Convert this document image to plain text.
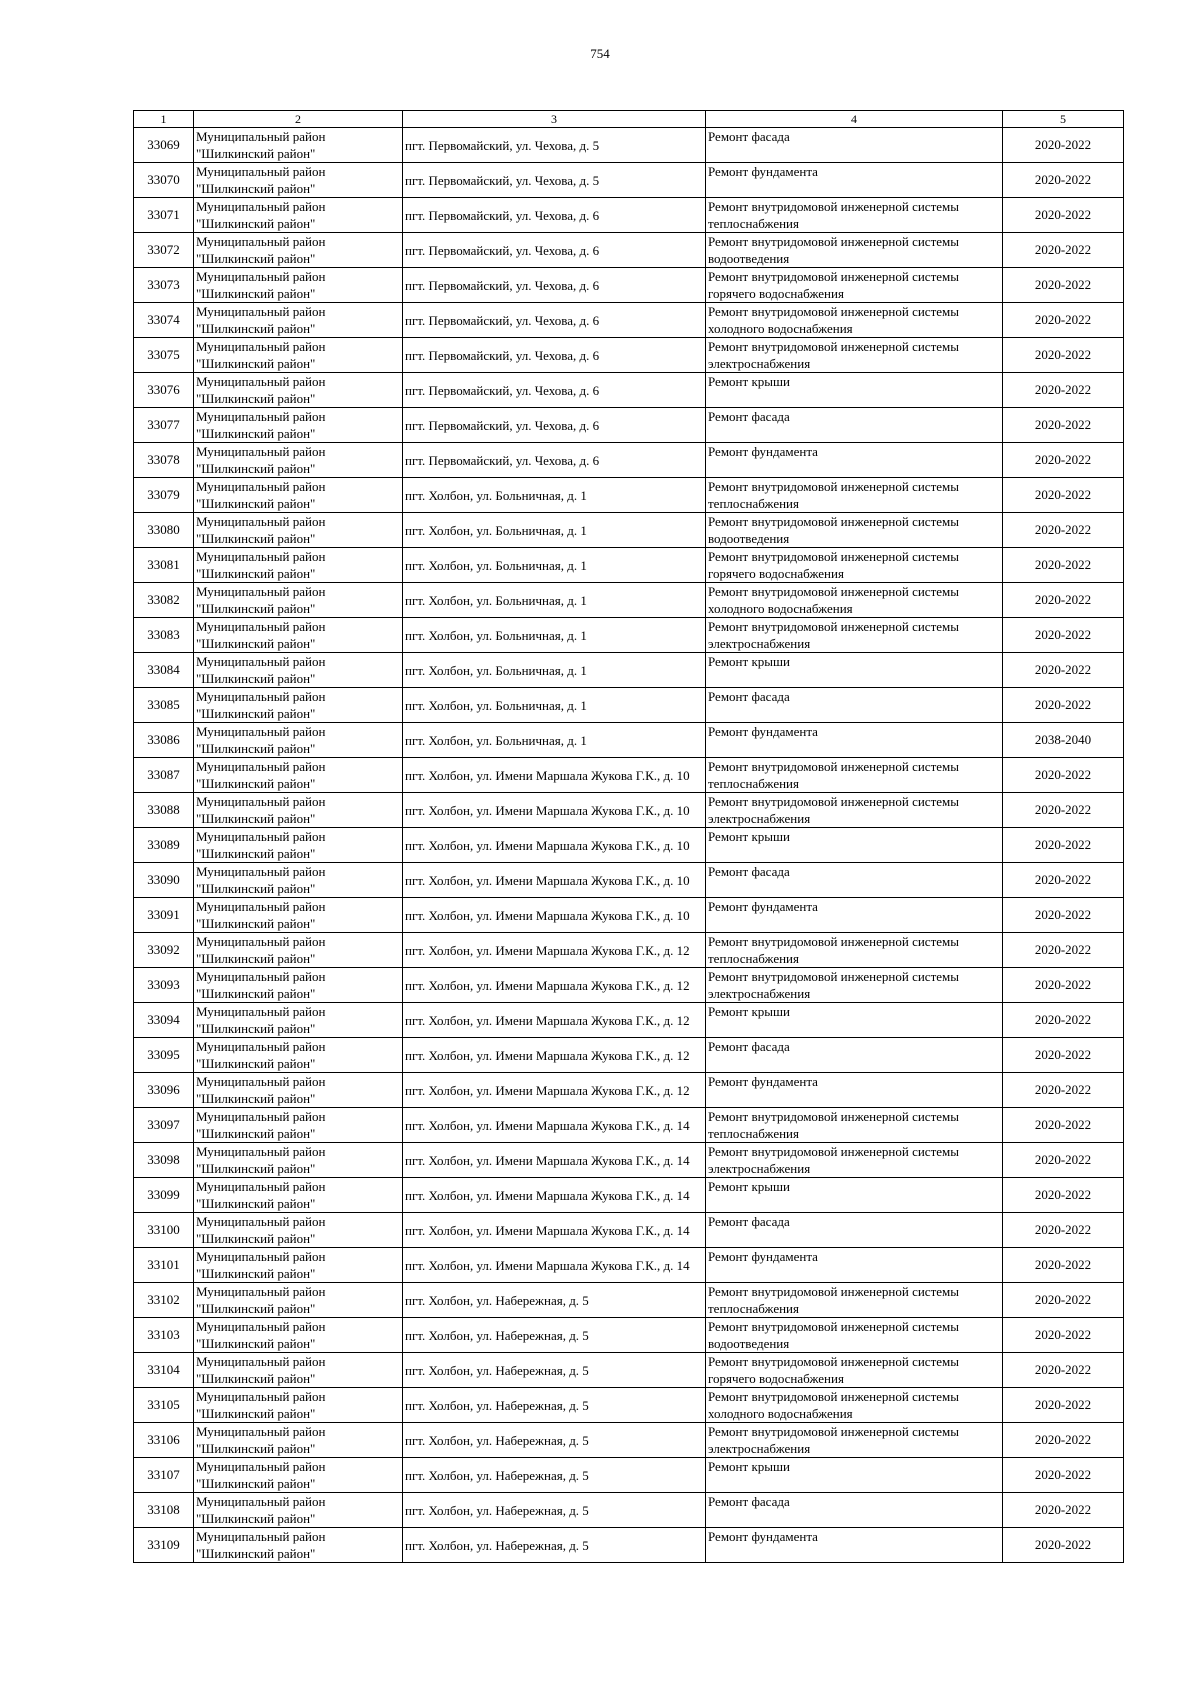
754
1	2	3	4	5
33069	Муниципальный район
"Шилкинский район"	пгт. Первомайский, ул. Чехова, д. 5	Ремонт фасада	2020-2022
33070	Муниципальный район
"Шилкинский район"	пгт. Первомайский, ул. Чехова, д. 5	Ремонт фундамента	2020-2022
33071	Муниципальный район
"Шилкинский район"	пгт. Первомайский, ул. Чехова, д. 6	Ремонт внутридомовой инженерной системы
теплоснабжения	2020-2022
33072	Муниципальный район
"Шилкинский район"	пгт. Первомайский, ул. Чехова, д. 6	Ремонт внутридомовой инженерной системы
водоотведения	2020-2022
33073	Муниципальный район
"Шилкинский район"	пгт. Первомайский, ул. Чехова, д. 6	Ремонт внутридомовой инженерной системы
горячего водоснабжения	2020-2022
33074	Муниципальный район
"Шилкинский район"	пгт. Первомайский, ул. Чехова, д. 6	Ремонт внутридомовой инженерной системы
холодного водоснабжения	2020-2022
33075	Муниципальный район
"Шилкинский район"	пгт. Первомайский, ул. Чехова, д. 6	Ремонт внутридомовой инженерной системы
электроснабжения	2020-2022
33076	Муниципальный район
"Шилкинский район"	пгт. Первомайский, ул. Чехова, д. 6	Ремонт крыши	2020-2022
33077	Муниципальный район
"Шилкинский район"	пгт. Первомайский, ул. Чехова, д. 6	Ремонт фасада	2020-2022
33078	Муниципальный район
"Шилкинский район"	пгт. Первомайский, ул. Чехова, д. 6	Ремонт фундамента	2020-2022
33079	Муниципальный район
"Шилкинский район"	пгт. Холбон, ул. Больничная, д. 1	Ремонт внутридомовой инженерной системы
теплоснабжения	2020-2022
33080	Муниципальный район
"Шилкинский район"	пгт. Холбон, ул. Больничная, д. 1	Ремонт внутридомовой инженерной системы
водоотведения	2020-2022
33081	Муниципальный район
"Шилкинский район"	пгт. Холбон, ул. Больничная, д. 1	Ремонт внутридомовой инженерной системы
горячего водоснабжения	2020-2022
33082	Муниципальный район
"Шилкинский район"	пгт. Холбон, ул. Больничная, д. 1	Ремонт внутридомовой инженерной системы
холодного водоснабжения	2020-2022
33083	Муниципальный район
"Шилкинский район"	пгт. Холбон, ул. Больничная, д. 1	Ремонт внутридомовой инженерной системы
электроснабжения	2020-2022
33084	Муниципальный район
"Шилкинский район"	пгт. Холбон, ул. Больничная, д. 1	Ремонт крыши	2020-2022
33085	Муниципальный район
"Шилкинский район"	пгт. Холбон, ул. Больничная, д. 1	Ремонт фасада	2020-2022
33086	Муниципальный район
"Шилкинский район"	пгт. Холбон, ул. Больничная, д. 1	Ремонт фундамента	2038-2040
33087	Муниципальный район
"Шилкинский район"	пгт. Холбон, ул. Имени Маршала Жукова Г.К., д. 10	Ремонт внутридомовой инженерной системы
теплоснабжения	2020-2022
33088	Муниципальный район
"Шилкинский район"	пгт. Холбон, ул. Имени Маршала Жукова Г.К., д. 10	Ремонт внутридомовой инженерной системы
электроснабжения	2020-2022
33089	Муниципальный район
"Шилкинский район"	пгт. Холбон, ул. Имени Маршала Жукова Г.К., д. 10	Ремонт крыши	2020-2022
33090	Муниципальный район
"Шилкинский район"	пгт. Холбон, ул. Имени Маршала Жукова Г.К., д. 10	Ремонт фасада	2020-2022
33091	Муниципальный район
"Шилкинский район"	пгт. Холбон, ул. Имени Маршала Жукова Г.К., д. 10	Ремонт фундамента	2020-2022
33092	Муниципальный район
"Шилкинский район"	пгт. Холбон, ул. Имени Маршала Жукова Г.К., д. 12	Ремонт внутридомовой инженерной системы
теплоснабжения	2020-2022
33093	Муниципальный район
"Шилкинский район"	пгт. Холбон, ул. Имени Маршала Жукова Г.К., д. 12	Ремонт внутридомовой инженерной системы
электроснабжения	2020-2022
33094	Муниципальный район
"Шилкинский район"	пгт. Холбон, ул. Имени Маршала Жукова Г.К., д. 12	Ремонт крыши	2020-2022
33095	Муниципальный район
"Шилкинский район"	пгт. Холбон, ул. Имени Маршала Жукова Г.К., д. 12	Ремонт фасада	2020-2022
33096	Муниципальный район
"Шилкинский район"	пгт. Холбон, ул. Имени Маршала Жукова Г.К., д. 12	Ремонт фундамента	2020-2022
33097	Муниципальный район
"Шилкинский район"	пгт. Холбон, ул. Имени Маршала Жукова Г.К., д. 14	Ремонт внутридомовой инженерной системы
теплоснабжения	2020-2022
33098	Муниципальный район
"Шилкинский район"	пгт. Холбон, ул. Имени Маршала Жукова Г.К., д. 14	Ремонт внутридомовой инженерной системы
электроснабжения	2020-2022
33099	Муниципальный район
"Шилкинский район"	пгт. Холбон, ул. Имени Маршала Жукова Г.К., д. 14	Ремонт крыши	2020-2022
33100	Муниципальный район
"Шилкинский район"	пгт. Холбон, ул. Имени Маршала Жукова Г.К., д. 14	Ремонт фасада	2020-2022
33101	Муниципальный район
"Шилкинский район"	пгт. Холбон, ул. Имени Маршала Жукова Г.К., д. 14	Ремонт фундамента	2020-2022
33102	Муниципальный район
"Шилкинский район"	пгт. Холбон, ул. Набережная, д. 5	Ремонт внутридомовой инженерной системы
теплоснабжения	2020-2022
33103	Муниципальный район
"Шилкинский район"	пгт. Холбон, ул. Набережная, д. 5	Ремонт внутридомовой инженерной системы
водоотведения	2020-2022
33104	Муниципальный район
"Шилкинский район"	пгт. Холбон, ул. Набережная, д. 5	Ремонт внутридомовой инженерной системы
горячего водоснабжения	2020-2022
33105	Муниципальный район
"Шилкинский район"	пгт. Холбон, ул. Набережная, д. 5	Ремонт внутридомовой инженерной системы
холодного водоснабжения	2020-2022
33106	Муниципальный район
"Шилкинский район"	пгт. Холбон, ул. Набережная, д. 5	Ремонт внутридомовой инженерной системы
электроснабжения	2020-2022
33107	Муниципальный район
"Шилкинский район"	пгт. Холбон, ул. Набережная, д. 5	Ремонт крыши	2020-2022
33108	Муниципальный район
"Шилкинский район"	пгт. Холбон, ул. Набережная, д. 5	Ремонт фасада	2020-2022
33109	Муниципальный район
"Шилкинский район"	пгт. Холбон, ул. Набережная, д. 5	Ремонт фундамента	2020-2022
